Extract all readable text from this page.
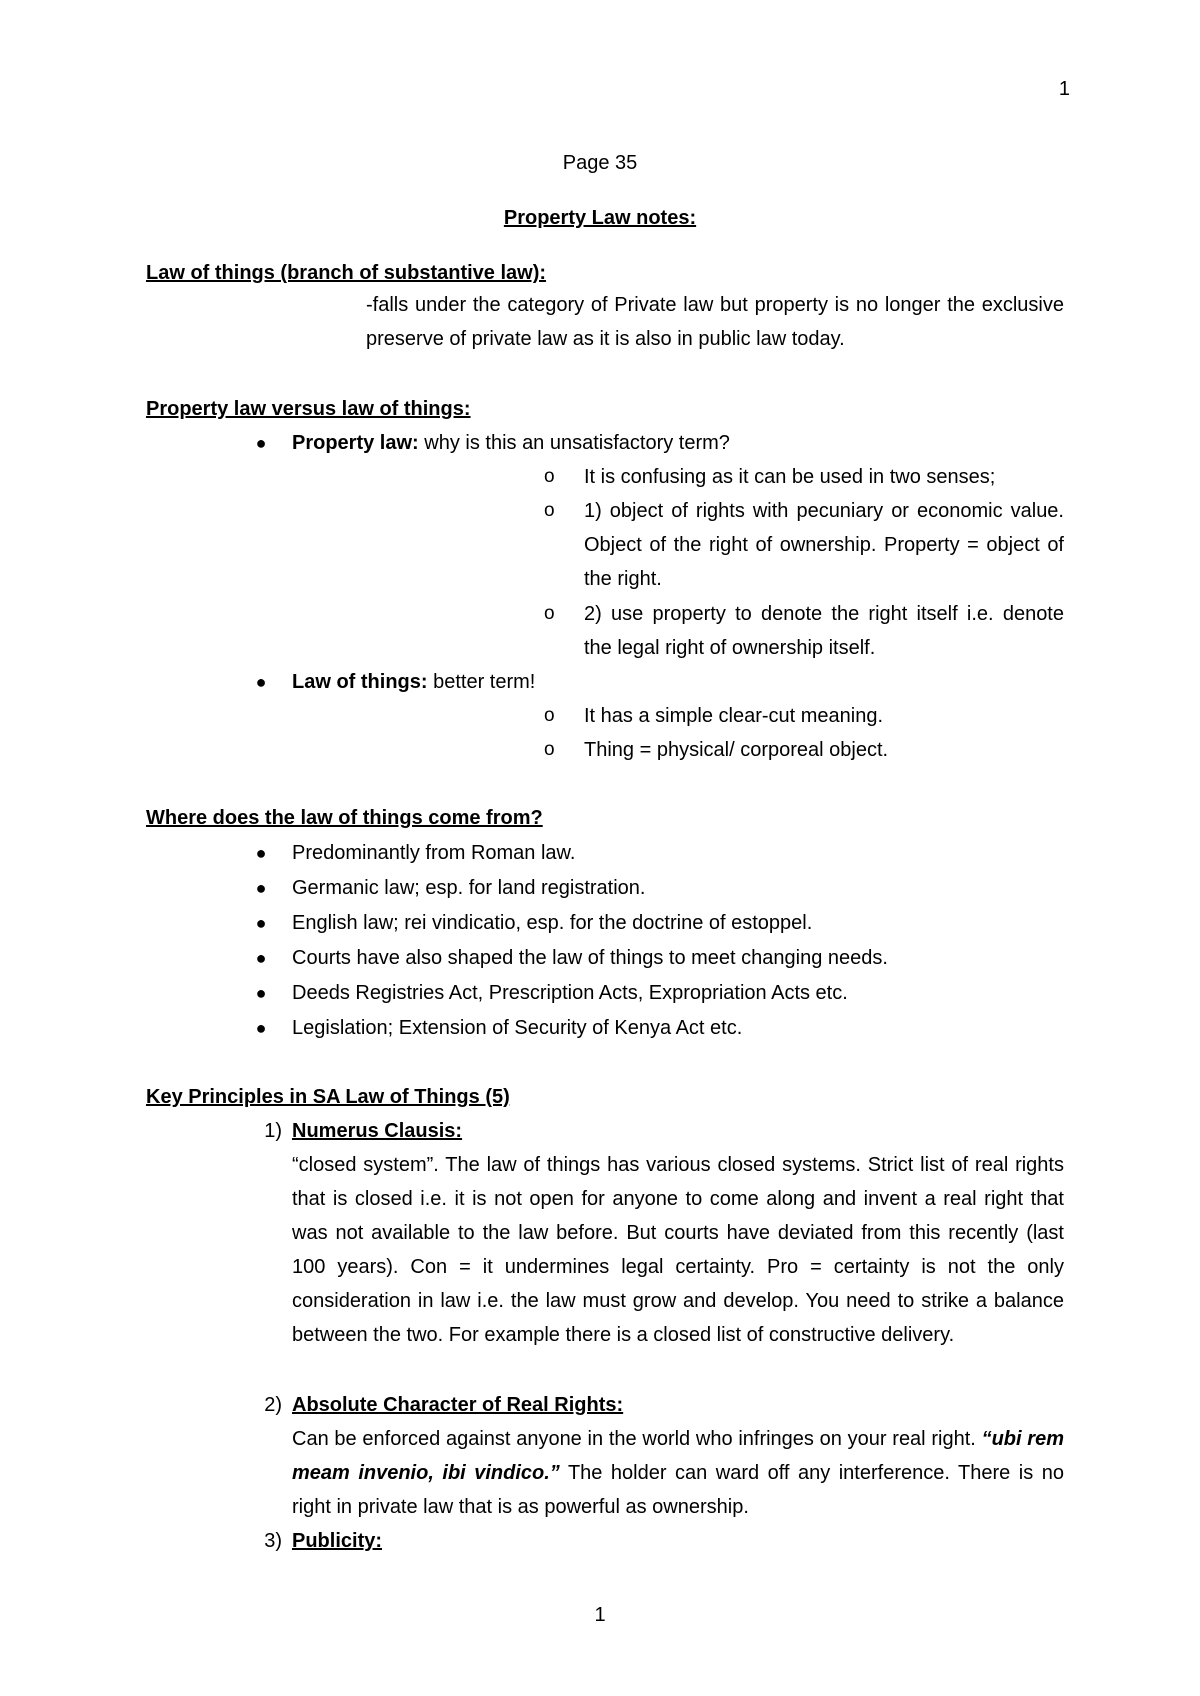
1
Page 35
Property Law notes:
Law of things (branch of substantive law):
-falls under the category of Private law but property is no longer the exclusive preserve of private law as it is also in public law today.
Property law versus law of things:
● Property law: why is this an unsatisfactory term?
o It is confusing as it can be used in two senses;
o 1) object of rights with pecuniary or economic value. Object of the right of ownership. Property = object of the right.
o 2) use property to denote the right itself i.e. denote the legal right of ownership itself.
● Law of things: better term!
o It has a simple clear-cut meaning.
o Thing = physical/ corporeal object.
Where does the law of things come from?
● Predominantly from Roman law.
● Germanic law; esp. for land registration.
● English law; rei vindicatio, esp. for the doctrine of estoppel.
● Courts have also shaped the law of things to meet changing needs.
● Deeds Registries Act, Prescription Acts, Expropriation Acts etc.
● Legislation; Extension of Security of Kenya Act etc.
Key Principles in SA Law of Things (5)
1) Numerus Clausis:
“closed system”. The law of things has various closed systems. Strict list of real rights that is closed i.e. it is not open for anyone to come along and invent a real right that was not available to the law before. But courts have deviated from this recently (last 100 years). Con = it undermines legal certainty. Pro = certainty is not the only consideration in law i.e. the law must grow and develop. You need to strike a balance between the two. For example there is a closed list of constructive delivery.
2) Absolute Character of Real Rights:
Can be enforced against anyone in the world who infringes on your real right. “ubi rem meam invenio, ibi vindico.” The holder can ward off any interference. There is no right in private law that is as powerful as ownership.
3) Publicity:
1
